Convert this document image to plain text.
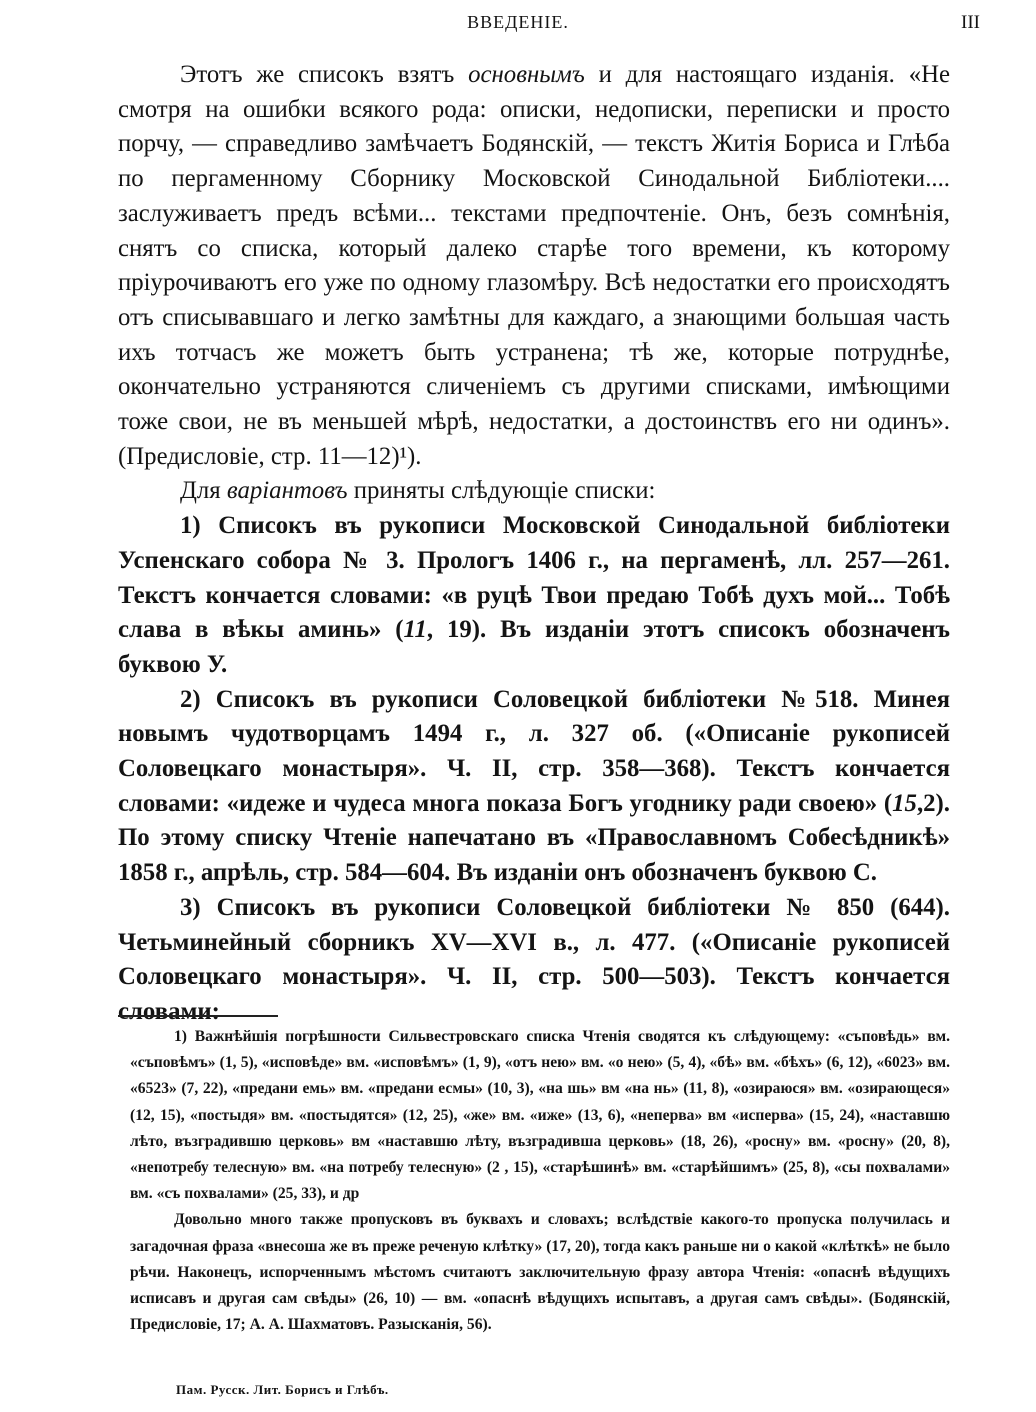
ВВЕДЕНІЕ.	III

Этотъ же списокъ взятъ основнымъ и для настоящаго изданія. «Не смотря на ошибки всякого рода: описки, недописки, переписки и просто порчу, — справедливо замѣчаетъ Бодянскій, — текстъ Житія Бориса и Глѣба по пергаменному Сборнику Московской Синодальной Библіотеки.... заслуживаетъ предъ всѣми... текстами предпочтеніе. Онъ, безъ сомнѣнія, снятъ со списка, который далеко старѣе того времени, къ которому пріурочиваютъ его уже по одному глазомѣру. Всѣ недостатки его происходятъ отъ списывавшаго и легко замѣтны для каждаго, а знающими большая часть ихъ тотчасъ же можетъ быть устранена; тѣ же, которые потруднѣе, окончательно устраняются сличеніемъ съ другими списками, имѣющими тоже свои, не въ меньшей мѣрѣ, недостатки, а достоинствъ его ни одинъ». (Предисловіе, стр. 11—12)¹).

Для варіантовъ приняты слѣдующіе списки:

1) Списокъ въ рукописи Московской Синодальной библіотеки Успенскаго собора № 3. Прологъ 1406 г., на пергаменѣ, лл. 257—261. Текстъ кончается словами: «в руцѣ Твои предаю Тобѣ духъ мой... Тобѣ слава в вѣкы аминь» (11, 19). Въ изданіи этотъ списокъ обозначенъ буквою У.

2) Списокъ въ рукописи Соловецкой библіотеки №518. Минея новымъ чудотворцамъ 1494 г., л. 327 об. («Описаніе рукописей Соловецкаго монастыря». Ч. II, стр. 358—368). Текстъ кончается словами: «идеже и чудеса многа показа Богъ угоднику ради своею» (15,2). По этому списку Чтеніе напечатано въ «Православномъ Собесѣдникѣ» 1858 г., апрѣль, стр. 584—604. Въ изданіи онъ обозначенъ буквою С.

3) Списокъ въ рукописи Соловецкой библіотеки № 850 (644). Четьминейный сборникъ XV—XVI в., л. 477. («Описаніе рукописей Соловецкаго монастыря». Ч. II, стр. 500—503). Текстъ кончается словами:

1) Важнѣйшія погрѣшности Сильвестровскаго списка Чтенія сводятся къ слѣдующему: «съповѣдь» вм. «съповѣмъ» (1, 5), «исповѣде» вм. «исповѣмъ» (1, 9), «отъ нею» вм. «о нею» (5, 4), «бѣ» вм. «бѣхъ» (6, 12), «6023» вм. «6523» (7, 22), «предани емь» вм. «предани есмы» (10, 3), «на шь» вм «на нь» (11, 8), «озираюся» вм. «озирающеся» (12, 15), «постыдя» вм. «постыдятся» (12, 25), «же» вм. «иже» (13, 6), «неперва» вм «исперва» (15, 24), «наставшю лѣто, възградившю церковь» вм «наставшю лѣту, възградивша церковь» (18, 26), «росну» вм. «росну» (20, 8), «непотребу телесную» вм. «на потребу телесную» (2 , 15), «старѣшинѣ» вм. «старѣйшимъ» (25, 8), «сы похвалами» вм. «съ похвалами» (25, 33), и др

Довольно много также пропусковъ въ буквахъ и словахъ; вслѣдствіе какого-то пропуска получилась и загадочная фраза «внесоша же въ преже реченую клѣтку» (17, 20), тогда какъ раньше ни о какой «клѣткѣ» не было рѣчи. Наконецъ, испорченнымъ мѣстомъ считаютъ заключительную фразу автора Чтенія: «опаснѣ вѣдущихъ исписавъ и другая сам свѣды» (26, 10) — вм. «опаснѣ вѣдущихъ испытавъ, а другая самъ свѣды». (Бодянскій, Предисловіе, 17; А. А. Шахматовъ. Разысканія, 56).

Пам. Русск. Лит. Борисъ и Глѣбъ.
